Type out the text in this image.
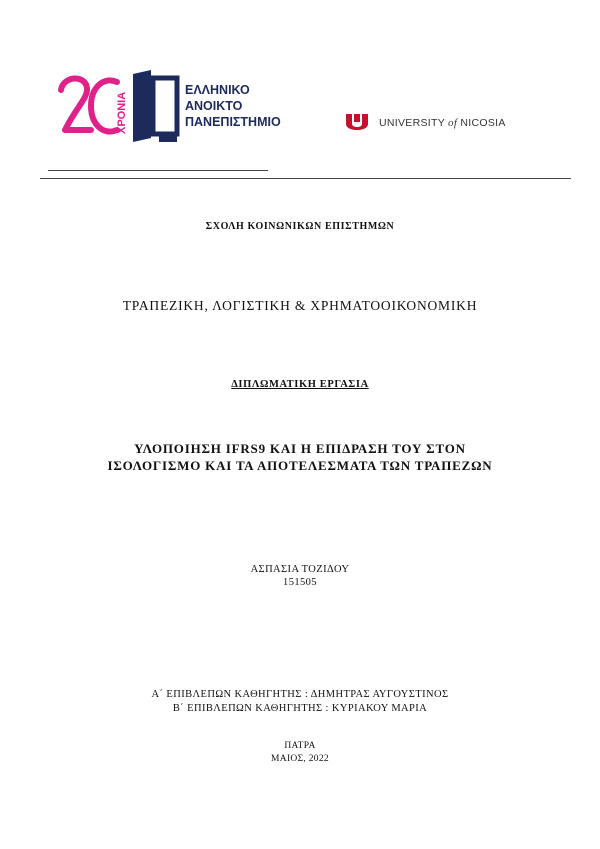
ΧΡΟΝΙΑ
ΕΛΛΗΝΙΚΟ
ΑΝΟΙΚΤΟ
ΠΑΝΕΠΙΣΤΗΜΙΟ	UNIVERSITY of NICOSIA
ΣΧΟΛΗ ΚΟΙΝΩΝΙΚΩΝ ΕΠΙΣΤΗΜΩΝ
ΤΡΑΠΕΖΙΚΗ, ΛΟΓΙΣΤΙΚΗ & ΧΡΗΜΑΤΟΟΙΚΟΝΟΜΙΚΗ
ΔΙΠΛΩΜΑΤΙΚΗ ΕΡΓΑΣΙΑ
ΥΛΟΠΟΙΗΣΗ IFRS9 ΚΑΙ Η ΕΠΙΔΡΑΣΗ ΤΟΥ ΣΤΟΝ
ΙΣΟΛΟΓΙΣΜΟ ΚΑΙ ΤΑ ΑΠΟΤΕΛΕΣΜΑΤΑ ΤΩΝ ΤΡΑΠΕΖΩΝ
ΑΣΠΑΣΙΑ ΤΟΖΙΔΟΥ
151505
Α΄ ΕΠΙΒΛΕΠΩΝ ΚΑΘΗΓΗΤΗΣ : ΔΗΜΗΤΡΑΣ ΑΥΓΟΥΣΤΙΝΟΣ
Β΄ ΕΠΙΒΛΕΠΩΝ ΚΑΘΗΓΗΤΗΣ : ΚΥΡΙΑΚΟΥ ΜΑΡΙΑ
ΠΑΤΡΑ
ΜΑΙΟΣ, 2022
